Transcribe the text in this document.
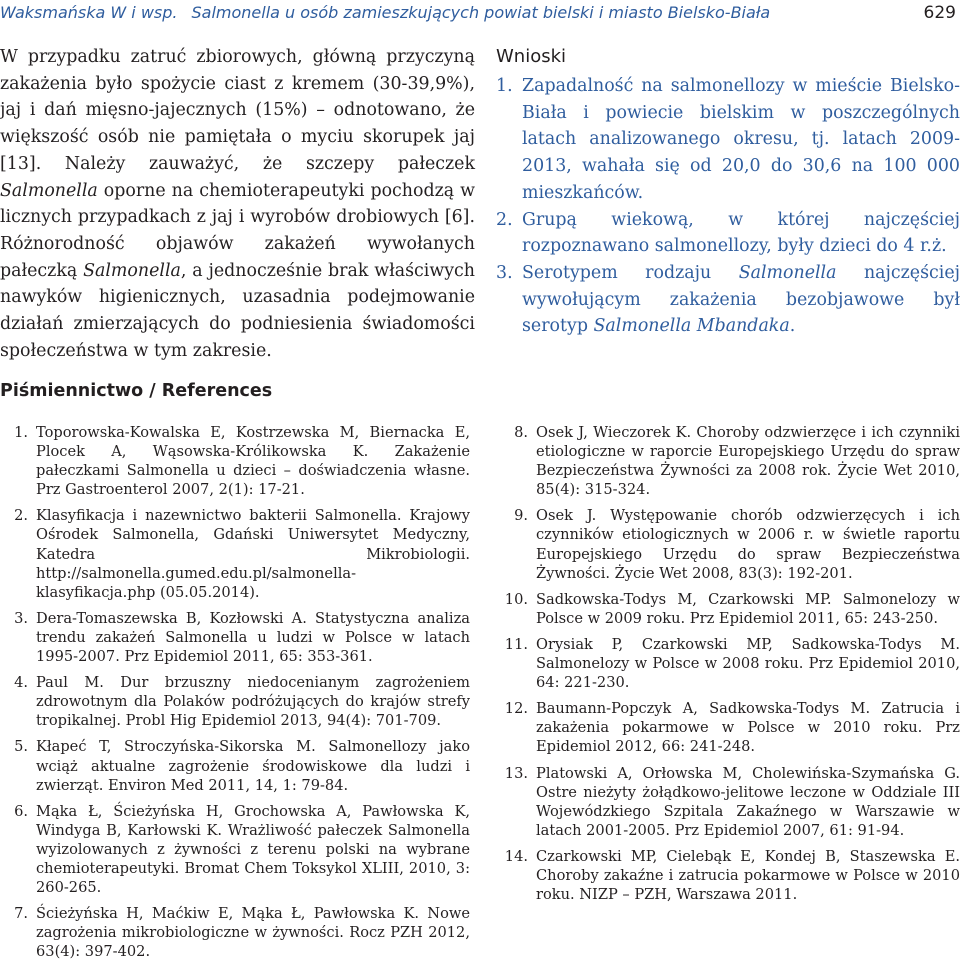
Waksmańska W i wsp. Salmonella u osób zamieszkujących powiat bielski i miasto Bielsko-Biała	629

W przypadku zatruć zbiorowych, główną przyczyną zakażenia było spożycie ciast z kremem (30-39,9%), jaj i dań mięsno-jajecznych (15%) – odnotowano, że większość osób nie pamiętała o myciu skorupek jaj [13]. Należy zauważyć, że szczepy pałeczek Salmonella oporne na chemioterapeutyki pochodzą w licznych przypadkach z jaj i wyrobów drobiowych [6]. Różnorodność objawów zakażeń wywołanych pałeczką Salmonella, a jednocześnie brak właściwych nawyków higienicznych, uzasadnia podejmowanie działań zmierzających do podniesienia świadomości społeczeństwa w tym zakresie.

Wnioski
1. Zapadalność na salmonellozy w mieście Bielsko-Biała i powiecie bielskim w poszczególnych latach analizowanego okresu, tj. latach 2009-2013, wahała się od 20,0 do 30,6 na 100 000 mieszkańców.
2. Grupą wiekową, w której najczęściej rozpoznawano salmonellozy, były dzieci do 4 r.ż.
3. Serotypem rodzaju Salmonella najczęściej wywołującym zakażenia bezobjawowe był serotyp Salmonella Mbandaka.
Piśmiennictwo / References
1. Toporowska-Kowalska E, Kostrzewska M, Biernacka E, Plocek A, Wąsowska-Królikowska K. Zakażenie pałeczkami Salmonella u dzieci – doświadczenia własne. Prz Gastroenterol 2007, 2(1): 17-21.
2. Klasyfikacja i nazewnictwo bakterii Salmonella. Krajowy Ośrodek Salmonella, Gdański Uniwersytet Medyczny, Katedra Mikrobiologii. http://salmonella.gumed.edu.pl/salmonella-klasyfikacja.php (05.05.2014).
3. Dera-Tomaszewska B, Kozłowski A. Statystyczna analiza trendu zakażeń Salmonella u ludzi w Polsce w latach 1995-2007. Prz Epidemiol 2011, 65: 353-361.
4. Paul M. Dur brzuszny niedocenianym zagrożeniem zdrowotnym dla Polaków podróżujących do krajów strefy tropikalnej. Probl Hig Epidemiol 2013, 94(4): 701-709.
5. Kłapeć T, Stroczyńska-Sikorska M. Salmonellozy jako wciąż aktualne zagrożenie środowiskowe dla ludzi i zwierząt. Environ Med 2011, 14, 1: 79-84.
6. Mąka Ł, Ścieżyńska H, Grochowska A, Pawłowska K, Windyga B, Karłowski K. Wrażliwość pałeczek Salmonella wyizolowanych z żywności z terenu polski na wybrane chemioterapeutyki. Bromat Chem Toksykol XLIII, 2010, 3: 260-265.
7. Ścieżyńska H, Maćkiw E, Mąka Ł, Pawłowska K. Nowe zagrożenia mikrobiologiczne w żywności. Rocz PZH 2012, 63(4): 397-402.
8. Osek J, Wieczorek K. Choroby odzwierzęce i ich czynniki etiologiczne w raporcie Europejskiego Urzędu do spraw Bezpieczeństwa Żywności za 2008 rok. Życie Wet 2010, 85(4): 315-324.
9. Osek J. Występowanie chorób odzwierzęcych i ich czynników etiologicznych w 2006 r. w świetle raportu Europejskiego Urzędu do spraw Bezpieczeństwa Żywności. Życie Wet 2008, 83(3): 192-201.
10. Sadkowska-Todys M, Czarkowski MP. Salmonelozy w Polsce w 2009 roku. Prz Epidemiol 2011, 65: 243-250.
11. Orysiak P, Czarkowski MP, Sadkowska-Todys M. Salmonelozy w Polsce w 2008 roku. Prz Epidemiol 2010, 64: 221-230.
12. Baumann-Popczyk A, Sadkowska-Todys M. Zatrucia i zakażenia pokarmowe w Polsce w 2010 roku. Prz Epidemiol 2012, 66: 241-248.
13. Platowski A, Orłowska M, Cholewińska-Szymańska G. Ostre nieżyty żołądkowo-jelitowe leczone w Oddziale III Wojewódzkiego Szpitala Zakaźnego w Warszawie w latach 2001-2005. Prz Epidemiol 2007, 61: 91-94.
14. Czarkowski MP, Cielebąk E, Kondej B, Staszewska E. Choroby zakaźne i zatrucia pokarmowe w Polsce w 2010 roku. NIZP – PZH, Warszawa 2011.
